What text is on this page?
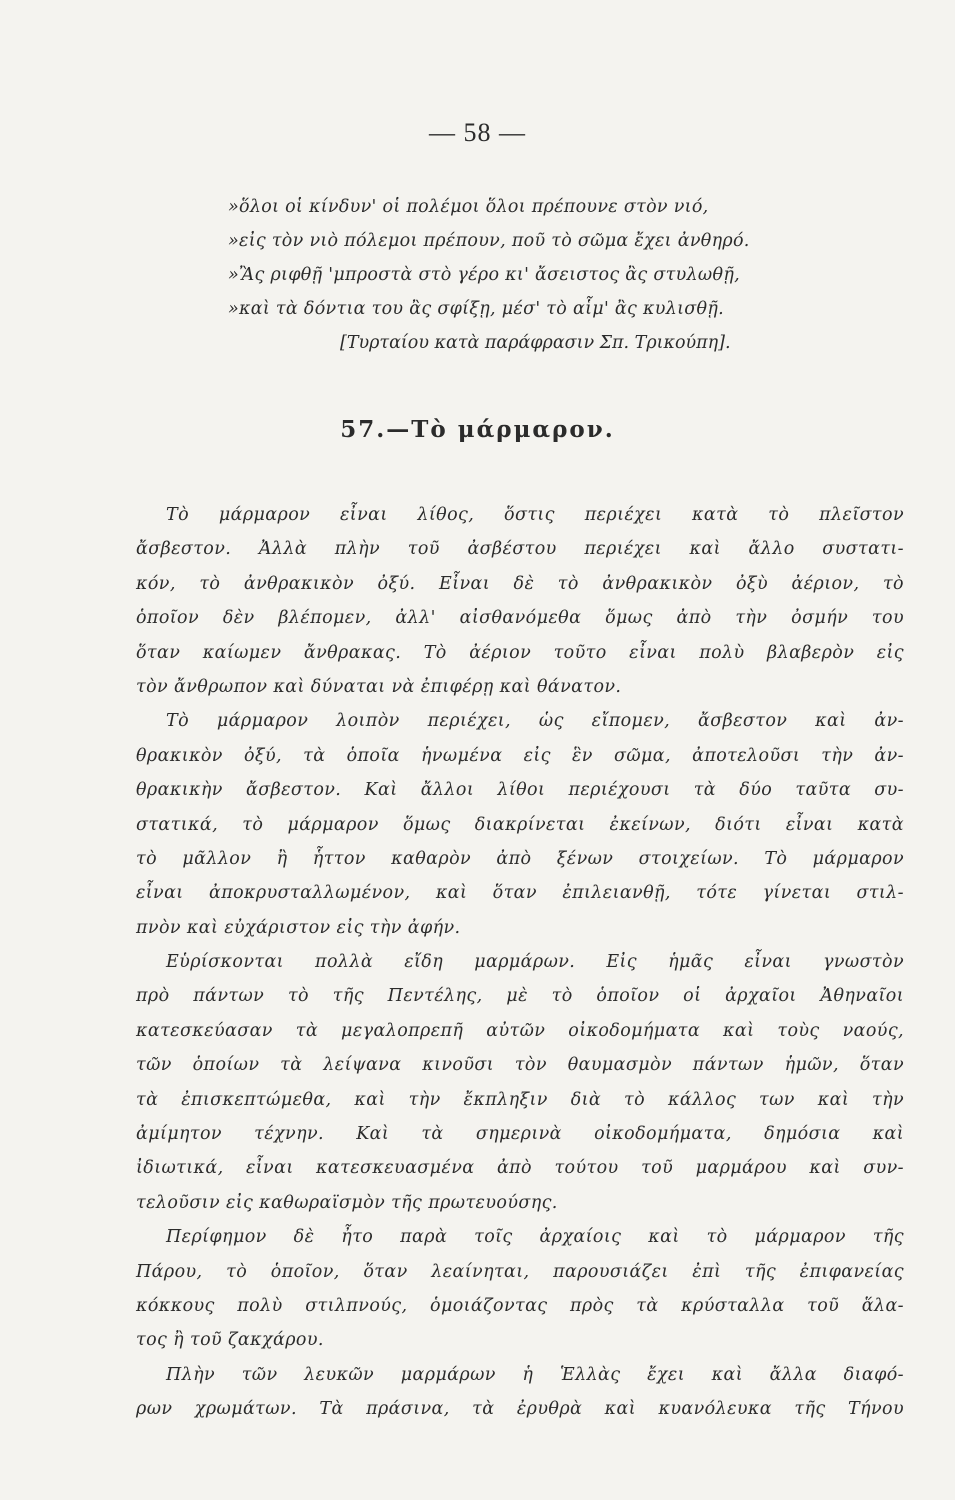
— 58 —
»ὅλοι οἱ κίνδυν' οἱ πολέμοι ὅλοι πρέπουνε στὸν νιό,
»εἰς τὸν νιὸ πόλεμοι πρέπουν, ποῦ τὸ σῶμα ἔχει ἀνθηρό.
»Ἂς ριφθῇ 'μπροστὰ στὸ γέρο κι' ἄσειστος ἂς στυλωθῇ,
»καὶ τὰ δόντια του ἂς σφίξῃ, μέσ' τὸ αἷμ' ἂς κυλισθῇ.
[Τυρταίου κατὰ παράφρασιν Σπ. Τρικούπη].
57.—Τὸ μάρμαρον.
Τὸ μάρμαρον εἶναι λίθος, ὅστις περιέχει κατὰ τὸ πλεῖστον
ἄσβεστον. Ἀλλὰ πλὴν τοῦ ἀσβέστου περιέχει καὶ ἄλλο συστατι-
κόν, τὸ ἀνθρακικὸν ὀξύ. Εἶναι δὲ τὸ ἀνθρακικὸν ὀξὺ ἀέριον, τὸ
ὁποῖον δὲν βλέπομεν, ἀλλ' αἰσθανόμεθα ὅμως ἀπὸ τὴν ὀσμήν του
ὅταν καίωμεν ἄνθρακας. Τὸ ἀέριον τοῦτο εἶναι πολὺ βλαβερὸν εἰς
τὸν ἄνθρωπον καὶ δύναται νὰ ἐπιφέρῃ καὶ θάνατον.
Τὸ μάρμαρον λοιπὸν περιέχει, ὡς εἴπομεν, ἄσβεστον καὶ ἀν-
θρακικὸν ὀξύ, τὰ ὁποῖα ἡνωμένα εἰς ἓν σῶμα, ἀποτελοῦσι τὴν ἀν-
θρακικὴν ἄσβεστον. Καὶ ἄλλοι λίθοι περιέχουσι τὰ δύο ταῦτα συ-
στατικά, τὸ μάρμαρον ὅμως διακρίνεται ἐκείνων, διότι εἶναι κατὰ
τὸ μᾶλλον ἢ ἧττον καθαρὸν ἀπὸ ξένων στοιχείων. Τὸ μάρμαρον
εἶναι ἀποκρυσταλλωμένον, καὶ ὅταν ἐπιλειανθῇ, τότε γίνεται στιλ-
πνὸν καὶ εὐχάριστον εἰς τὴν ἀφήν.
Εὑρίσκονται πολλὰ εἴδη μαρμάρων. Εἰς ἡμᾶς εἶναι γνωστὸν
πρὸ πάντων τὸ τῆς Πεντέλης, μὲ τὸ ὁποῖον οἱ ἀρχαῖοι Ἀθηναῖοι
κατεσκεύασαν τὰ μεγαλοπρεπῆ αὐτῶν οἰκοδομήματα καὶ τοὺς ναούς,
τῶν ὁποίων τὰ λείψανα κινοῦσι τὸν θαυμασμὸν πάντων ἡμῶν, ὅταν
τὰ ἐπισκεπτώμεθα, καὶ τὴν ἔκπληξιν διὰ τὸ κάλλος των καὶ τὴν
ἀμίμητον τέχνην. Καὶ τὰ σημερινὰ οἰκοδομήματα, δημόσια καὶ
ἰδιωτικά, εἶναι κατεσκευασμένα ἀπὸ τούτου τοῦ μαρμάρου καὶ συν-
τελοῦσιν εἰς καθωραϊσμὸν τῆς πρωτευούσης.
Περίφημον δὲ ἦτο παρὰ τοῖς ἀρχαίοις καὶ τὸ μάρμαρον τῆς
Πάρου, τὸ ὁποῖον, ὅταν λεαίνηται, παρουσιάζει ἐπὶ τῆς ἐπιφανείας
κόκκους πολὺ στιλπνούς, ὁμοιάζοντας πρὸς τὰ κρύσταλλα τοῦ ἅλα-
τος ἢ τοῦ ζακχάρου.
Πλὴν τῶν λευκῶν μαρμάρων ἡ Ἑλλὰς ἔχει καὶ ἄλλα διαφό-
ρων χρωμάτων. Τὰ πράσινα, τὰ ἐρυθρὰ καὶ κυανόλευκα τῆς Τήνου
